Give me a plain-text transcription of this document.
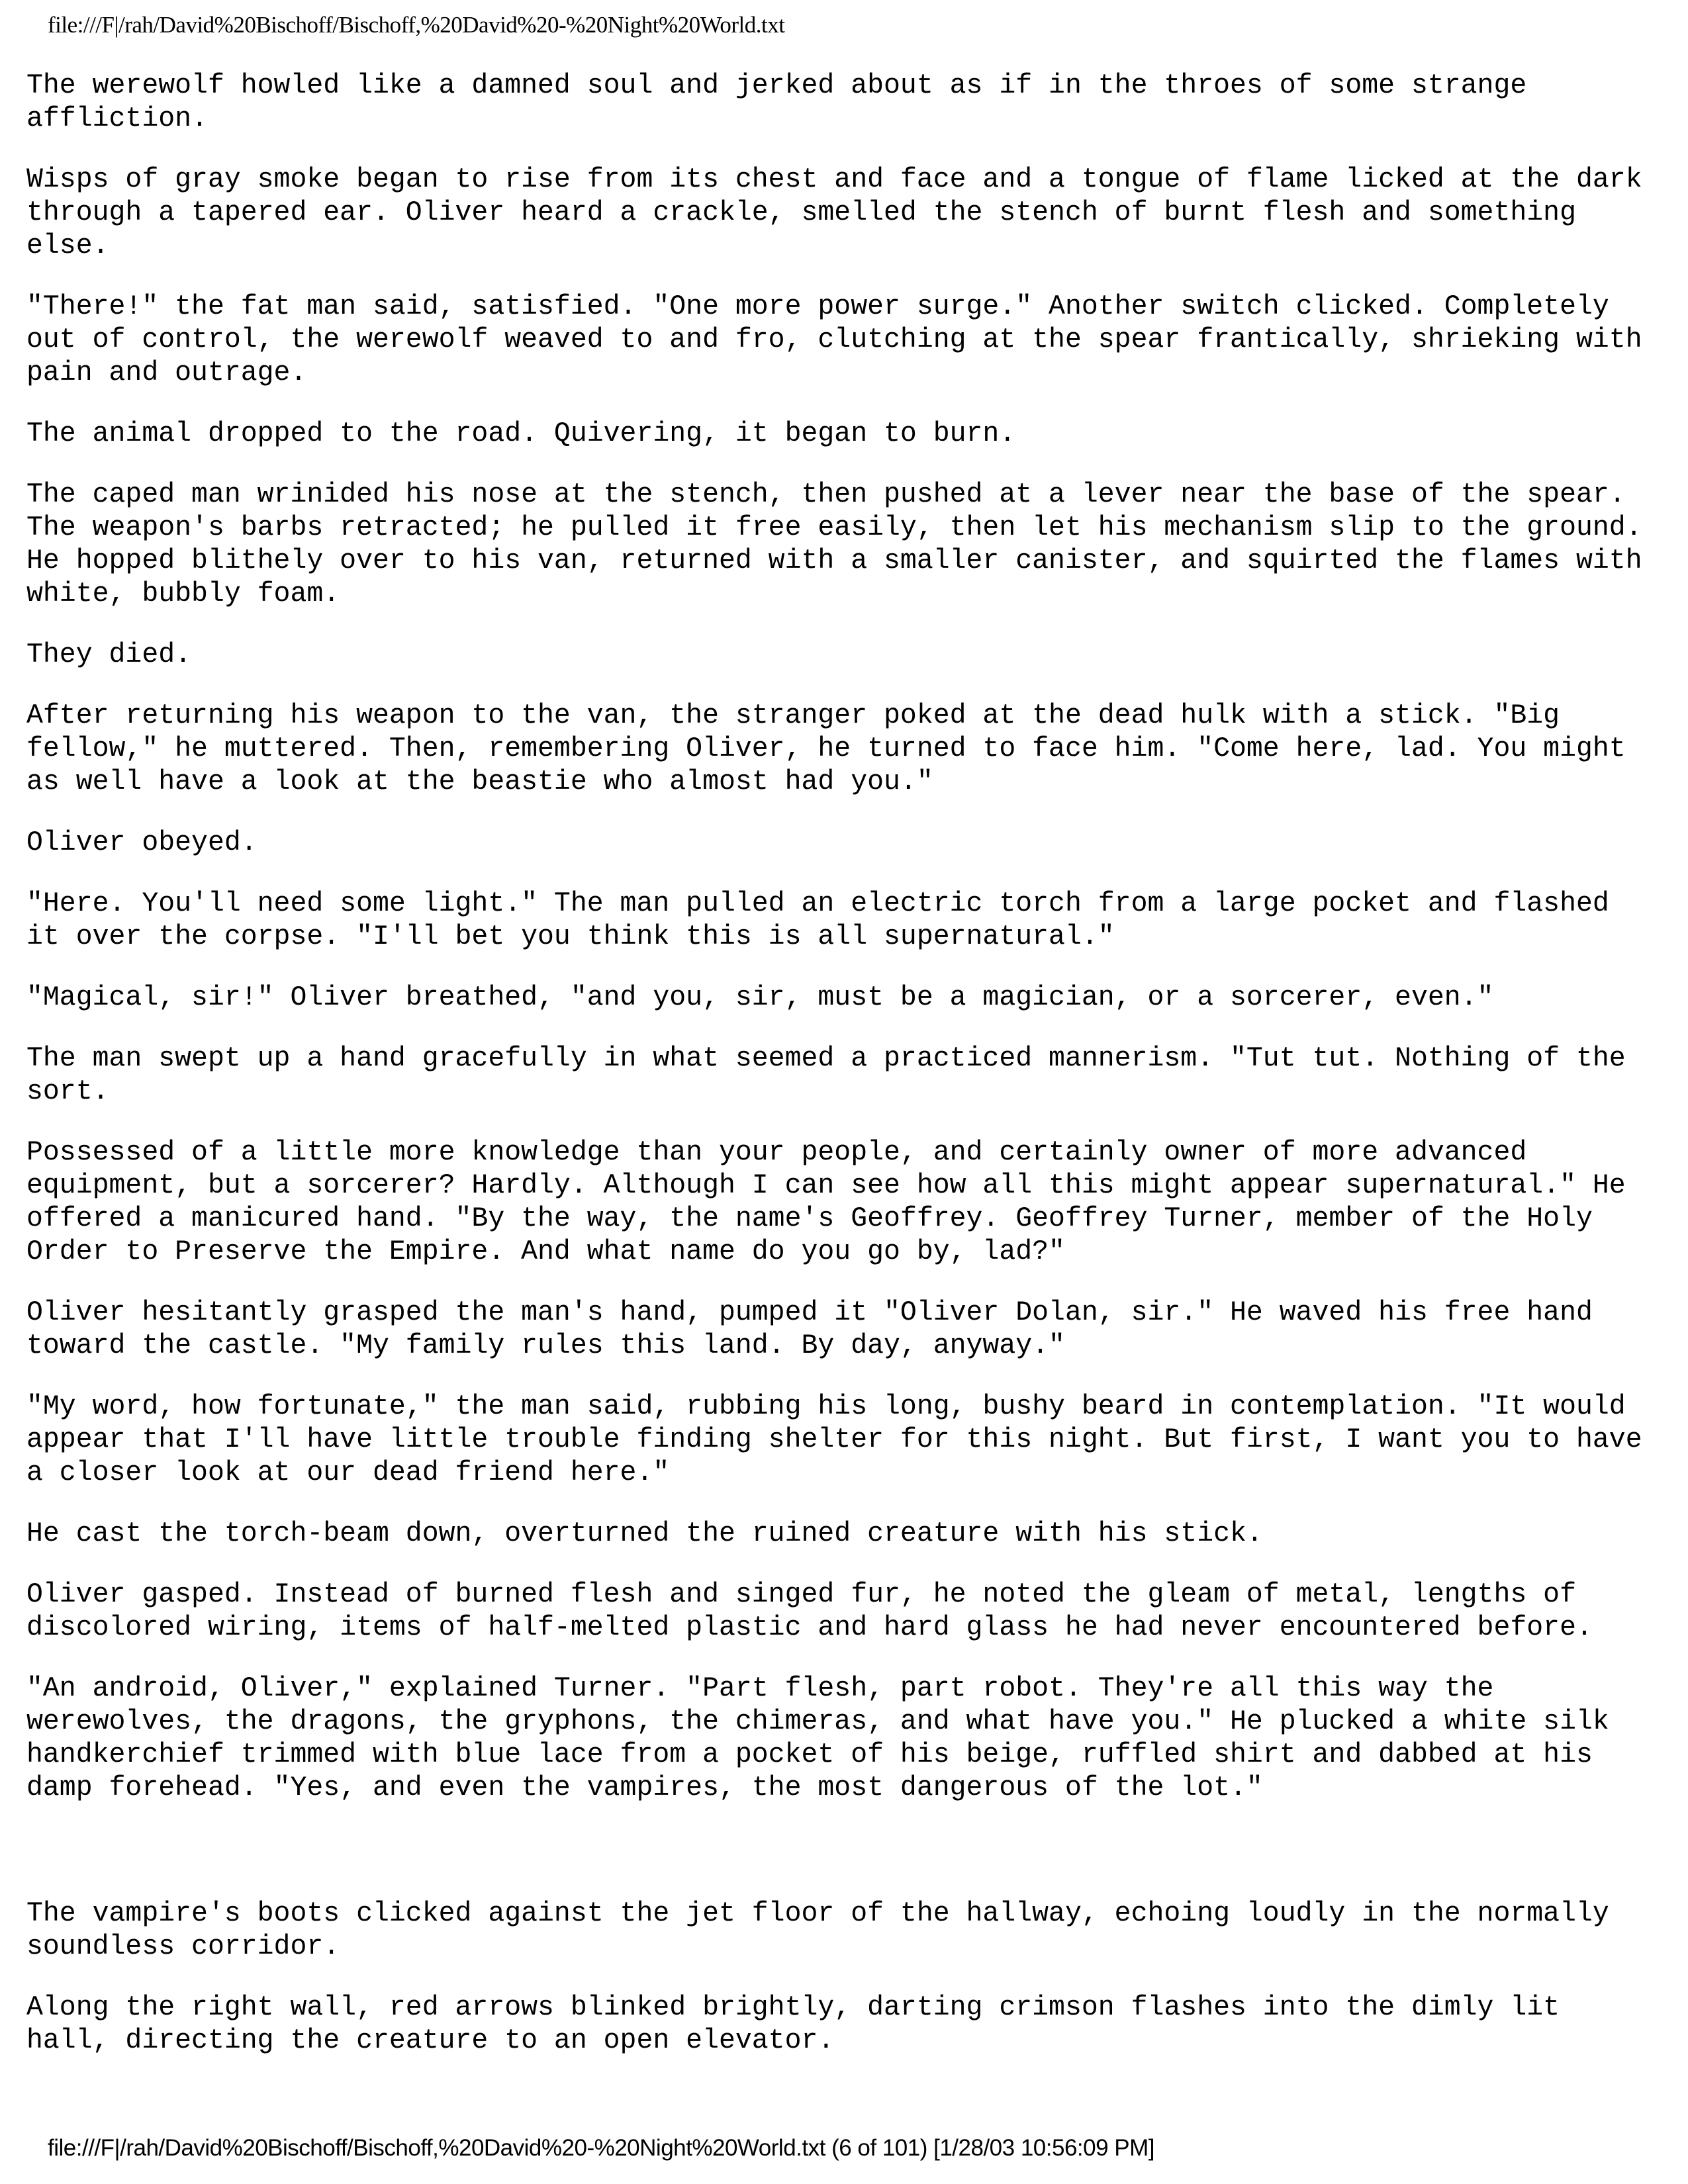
file:///F|/rah/David%20Bischoff/Bischoff,%20David%20-%20Night%20World.txt

The werewolf howled like a damned soul and jerked about as if in the throes of some strange
affliction.

Wisps of gray smoke began to rise from its chest and face and a tongue of flame licked at the dark
through a tapered ear. Oliver heard a crackle, smelled the stench of burnt flesh and something
else.

"There!" the fat man said, satisfied. "One more power surge." Another switch clicked. Completely
out of control, the werewolf weaved to and fro, clutching at the spear frantically, shrieking with
pain and outrage.

The animal dropped to the road. Quivering, it began to burn.

The caped man wrinided his nose at the stench, then pushed at a lever near the base of the spear.
The weapon's barbs retracted; he pulled it free easily, then let his mechanism slip to the ground.
He hopped blithely over to his van, returned with a smaller canister, and squirted the flames with
white, bubbly foam.

They died.

After returning his weapon to the van, the stranger poked at the dead hulk with a stick. "Big
fellow," he muttered. Then, remembering Oliver, he turned to face him. "Come here, lad. You might
as well have a look at the beastie who almost had you."

Oliver obeyed.

"Here. You'll need some light." The man pulled an electric torch from a large pocket and flashed
it over the corpse. "I'll bet you think this is all supernatural."

"Magical, sir!" Oliver breathed, "and you, sir, must be a magician, or a sorcerer, even."

The man swept up a hand gracefully in what seemed a practiced mannerism. "Tut tut. Nothing of the
sort.

Possessed of a little more knowledge than your people, and certainly owner of more advanced
equipment, but a sorcerer? Hardly. Although I can see how all this might appear supernatural." He
offered a manicured hand. "By the way, the name's Geoffrey. Geoffrey Turner, member of the Holy
Order to Preserve the Empire. And what name do you go by, lad?"

Oliver hesitantly grasped the man's hand, pumped it "Oliver Dolan, sir." He waved his free hand
toward the castle. "My family rules this land. By day, anyway."

"My word, how fortunate," the man said, rubbing his long, bushy beard in contemplation. "It would
appear that I'll have little trouble finding shelter for this night. But first, I want you to have
a closer look at our dead friend here."

He cast the torch-beam down, overturned the ruined creature with his stick.

Oliver gasped. Instead of burned flesh and singed fur, he noted the gleam of metal, lengths of
discolored wiring, items of half-melted plastic and hard glass he had never encountered before.

"An android, Oliver," explained Turner. "Part flesh, part robot. They're all this way the
werewolves, the dragons, the gryphons, the chimeras, and what have you." He plucked a white silk
handkerchief trimmed with blue lace from a pocket of his beige, ruffled shirt and dabbed at his
damp forehead. "Yes, and even the vampires, the most dangerous of the lot."

The vampire's boots clicked against the jet floor of the hallway, echoing loudly in the normally
soundless corridor.

Along the right wall, red arrows blinked brightly, darting crimson flashes into the dimly lit
hall, directing the creature to an open elevator.

file:///F|/rah/David%20Bischoff/Bischoff,%20David%20-%20Night%20World.txt (6 of 101) [1/28/03 10:56:09 PM]
